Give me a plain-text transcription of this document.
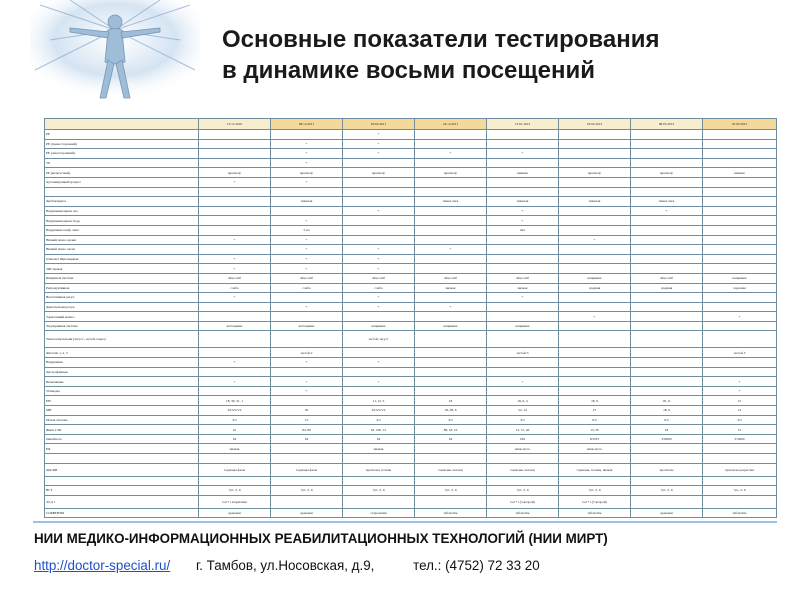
Основные показатели тестирования
в динамике восьми посещений
	13.11.2010	08.12.2011	05.02.2011	24.12.2011	13.01.2012	23.02.2012	08.05.2012	25.05.2012
РЕ			+					
РЕ (правосторонний)		+	+					
РЕ (левосторонний)		+	+	+	+			
ТЕ		+						
РЕ (вальгусный)	пронатор	пронатор	пронатор	пронатор	нижнее	пронатор	пронатор	нижнее
Аутоиммунный процесс	+	+						

Дисбактериоз		тяжелая		тяжел.легк	тяжелая	тяжелая	тяжел.легк	
Нарушения цикла сна			+		+		+	
Нарушения цикла бодр.		+			+			
Нарушение конф. лент.		5 кл			2кл			
Низкий показ. крови	+	+				+		
Низкий показ. мочи		+	+	+				
Отвечает Щитовидная	+	+	+					
ЗЯГ правая	+	+	+					
Иммунная система	общ.слаб	общ.слаб	общ.слаб	общ.слаб	общ.слаб	напряжен	общ.слаб	напряжен
Репродуктивная	слаба	слаба	слаба	низкая	низкая	средняя	средняя	хорошая
Вегетативная регул.	+		+		+			
Двигательная регул.		+	+	+				
Тормозящий компл.						+		+
Эндокринная система	истощение	истощение	напряжен	напряжен	напряжен			
Типология печени (загуст., застой, парез)			застой, загуст					
Фаготип 1, 2, 3		застой 2			застой 3			застой 3
Нарушения	+	+	+					
Дистрофичные								
Неактивные	+	+	+		+			+
Углеводы		+						+
ЕН	18, 30, 31, 1		11, 12, 3	18	18, 6, 4	18, 9	18, 11	15
МН	32/5/5/5/2	30	32/5/5/5/2	18, 28, 6	22, 14	27	18, 9	14
Малая система	5/5	1/1	2/2	4/5	4/5	6/5	6/5	4/5
Жизн СТК	10	84, 89	63, 100, 15	89, 18, 10	13, 15, 40	15, 30	18	15
Онкобиота	1Б	1Б	1Б	1Б	1Б3	Б3333	333000	313000
ЕЯ	низкая		низкая		низк.лугсо	низк.лугсо		

ДКСКВ	гормоны фазы	гормоны фазы	прогнозы, потенц	гормоны, потенц	гормоны, потенц	гормоны, потенц, низкая	прогнозы	прогнозы регрессия

ВСТ	+р1, 5, 9	+р1, 5, 9	+р1, 5, 9	+р1, 5, 9	+р1, 5, 9	+р1, 5, 9	+р1, 5, 9	+р1, 5, 9
ЭСД 1	low+1 вторичная				low+1 (3-второй)	low+1 (7-второй)		
СОРБЕНТЫ	дренажи	дренажи	сетрозепин	таблетить	таблетить	таблетить	дренажи	таблетить
НИИ МЕДИКО-ИНФОРМАЦИОННЫХ РЕАБИЛИТАЦИОННЫХ ТЕХНОЛОГИЙ (НИИ МИРТ)
http://doctor-special.ru/ г. Тамбов, ул.Носовская, д.9,	тел.: (4752) 72 33 20
